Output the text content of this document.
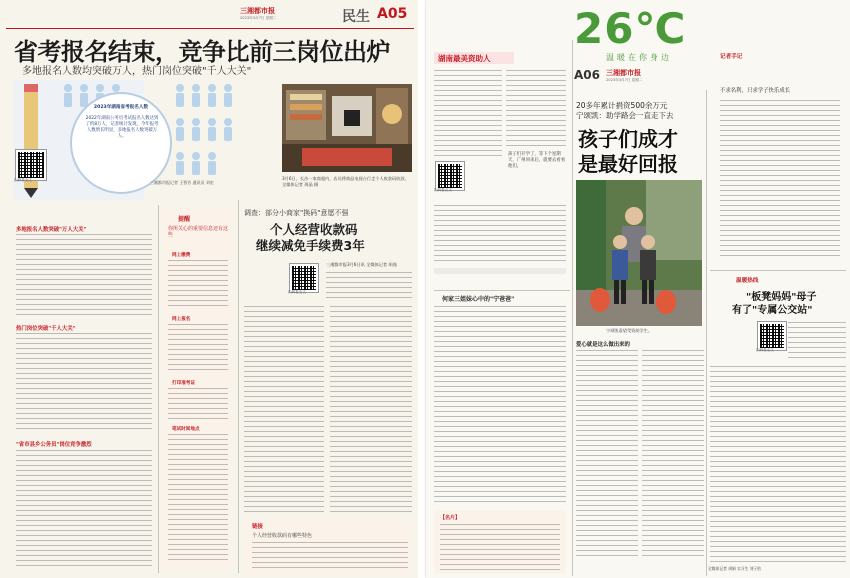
三湘都市报
2023年3月7日 星期二	民生 A05
省考报名结束，竞争比前三岗位出炉
多地报名人数均突破万人，热门岗位突破"千人大关"
2023年湖南省考报名人数
2022年湖南公务员考试报名人数达到了约8万人，记者统计发现，今年报考人数增长明显，多地报名人数突破万人。
三湘都市报记者 王智芳 通讯员 刘宏
扫码看全文	3月6日，长沙一家商超内，店员将商品电视台行走个人收款码收款。 全媒体记者 周晶 摄
多地报名人数突破"万人大关"
热门岗位突破"千人大关"
"省市县乡公务员"岗位竞争激烈
提醒
你所关心的重要信息还有这些
网上缴费
网上报名
打印准考证
笔试时间地点
调查：部分小商家"换码"意愿不强
个人经营收款码
继续减免手续费3年
扫码看全文
三湘都市报3月6日讯 全媒体记者 胡逸
链接
个人经营收款码有哪些特色
湖南最美资助人
扫码看全文
孩子们开学了，等下个星期天，广州回来后，就要去看看他们。
何家三姐妹心中的"宁爸爸"
【名片】
26℃
温暖在你身边
A06 三湘都市报
2023年3月7日 星期二
20多年累计捐资500余万元
宁颂凯：助学路会一直走下去
孩子们成才
是最好回报
宁颂凯看望受资助学生。
爱心就是这么做出来的
全媒体记者 周娟 实习生 刘子怡
记者手记
不求名利，只求学子快乐成长
温暖热线
"板凳妈妈"母子
有了"专属公交站"
扫码看全文
